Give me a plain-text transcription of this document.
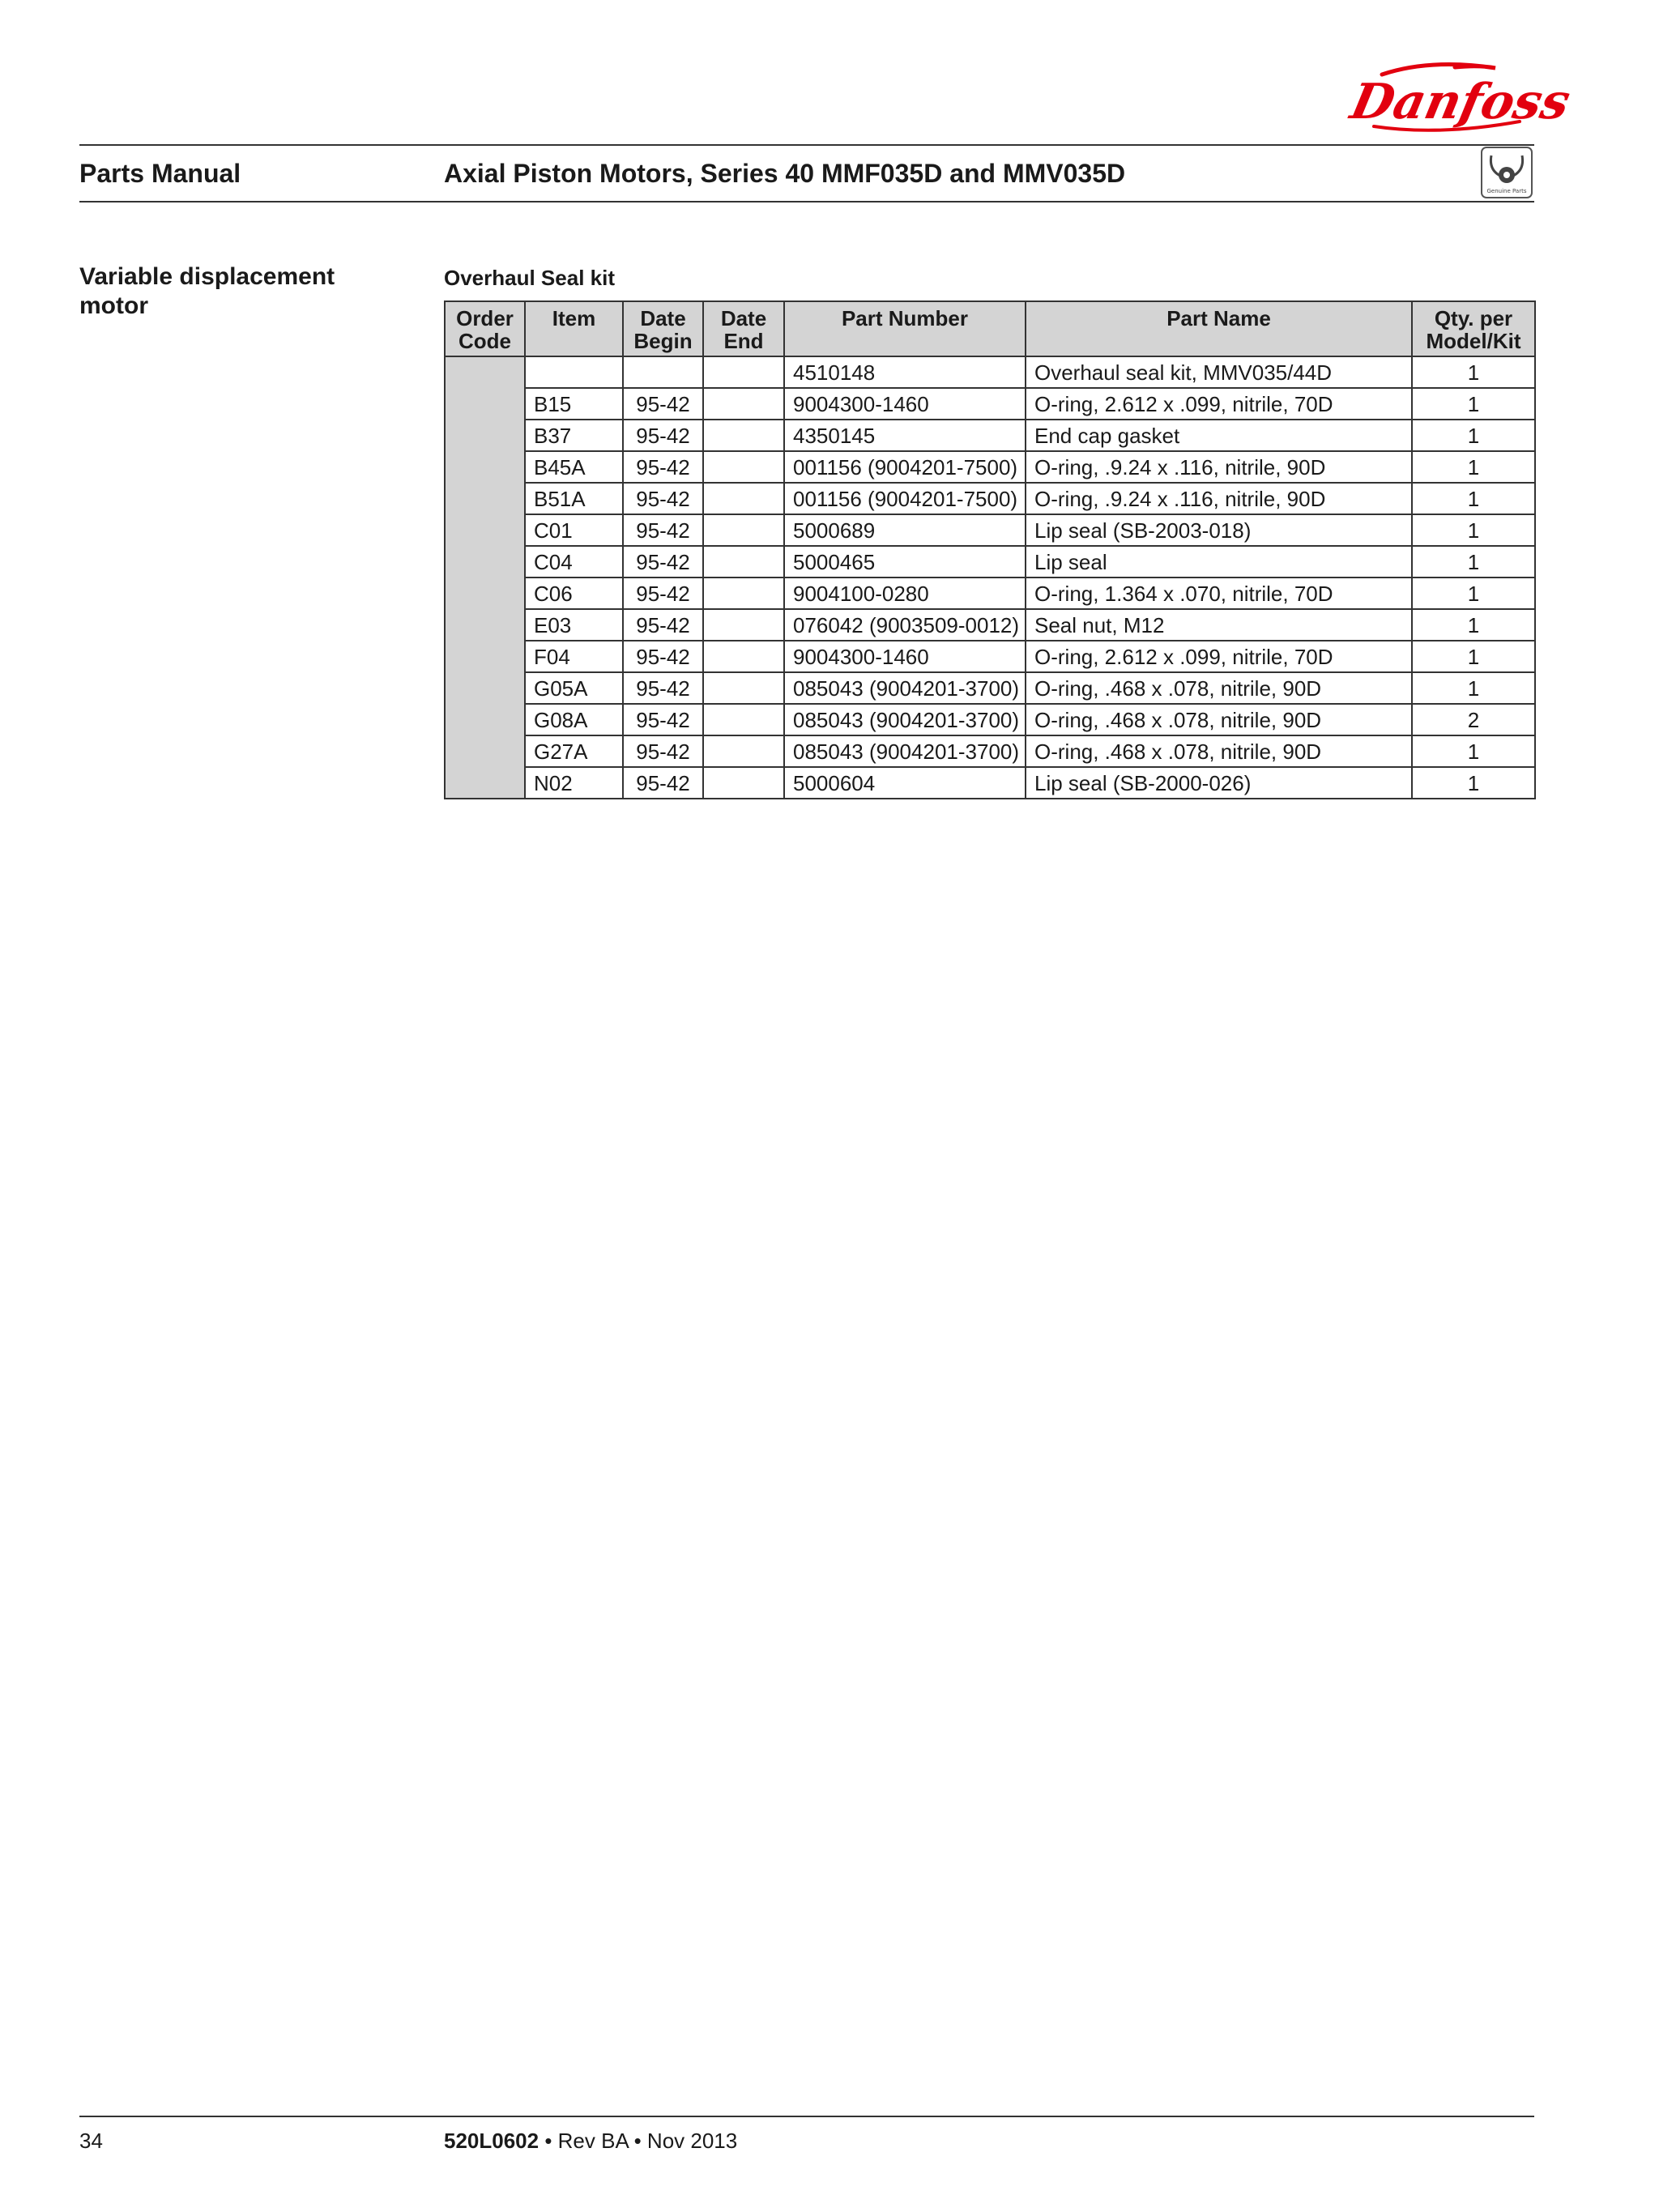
Danfoss
Parts Manual	Axial Piston Motors, Series 40 MMF035D and MMV035D
Genuine Parts
Variable displacement motor
Overhaul Seal kit
Order Code	Item	Date Begin	Date End	Part Number	Part Name	Qty. per Model/Kit
				4510148	Overhaul seal kit, MMV035/44D	1
	B15	95-42		9004300-1460	O-ring, 2.612 x .099, nitrile, 70D	1
	B37	95-42		4350145	End cap gasket	1
	B45A	95-42		001156 (9004201-7500)	O-ring, .9.24 x .116, nitrile, 90D	1
	B51A	95-42		001156 (9004201-7500)	O-ring, .9.24 x .116, nitrile, 90D	1
	C01	95-42		5000689	Lip seal (SB-2003-018)	1
	C04	95-42		5000465	Lip seal	1
	C06	95-42		9004100-0280	O-ring, 1.364 x .070, nitrile, 70D	1
	E03	95-42		076042 (9003509-0012)	Seal nut, M12	1
	F04	95-42		9004300-1460	O-ring, 2.612 x .099, nitrile, 70D	1
	G05A	95-42		085043 (9004201-3700)	O-ring, .468 x .078, nitrile, 90D	1
	G08A	95-42		085043 (9004201-3700)	O-ring, .468 x .078, nitrile, 90D	2
	G27A	95-42		085043 (9004201-3700)	O-ring, .468 x .078, nitrile, 90D	1
	N02	95-42		5000604	Lip seal (SB-2000-026)	1
34	520L0602 • Rev BA • Nov 2013
